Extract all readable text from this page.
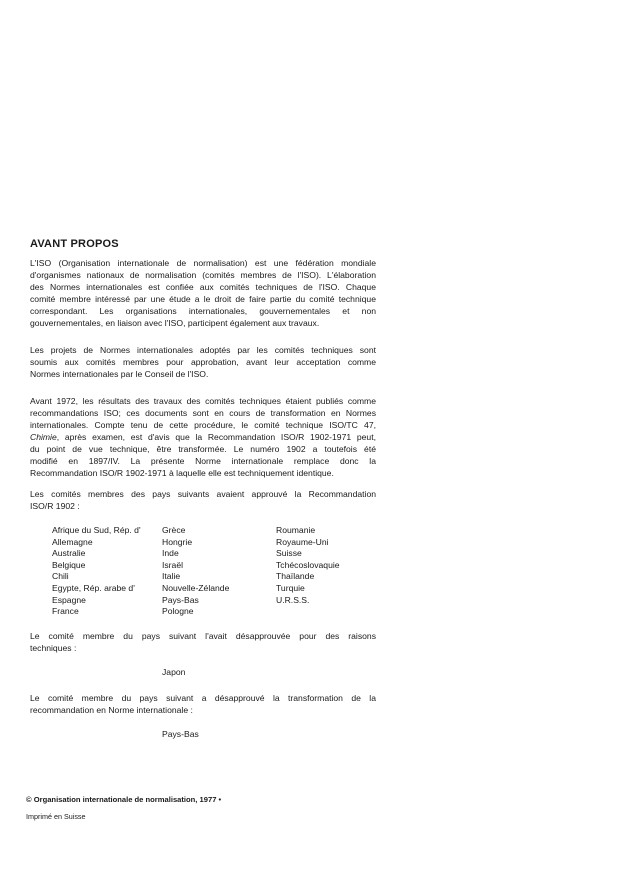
AVANT PROPOS

L'ISO (Organisation internationale de normalisation) est une fédération mondiale
d'organismes nationaux de normalisation (comités membres de l'ISO). L'élaboration
des Normes internationales est confiée aux comités techniques de l'ISO. Chaque
comité membre intéressé par une étude a le droit de faire partie du comité technique
correspondant. Les organisations internationales, gouvernementales et non
gouvernementales, en liaison avec l'ISO, participent également aux travaux.

Les projets de Normes internationales adoptés par les comités techniques sont
soumis aux comités membres pour approbation, avant leur acceptation comme
Normes internationales par le Conseil de l'ISO.

Avant 1972, les résultats des travaux des comités techniques étaient publiés comme
recommandations ISO; ces documents sont en cours de transformation en Normes
internationales. Compte tenu de cette procédure, le comité technique ISO/TC 47,
Chimie, après examen, est d'avis que la Recommandation ISO/R 1902-1971 peut,
du point de vue technique, être transformée. Le numéro 1902 a toutefois été
modifié en 1897/IV. La présente Norme internationale remplace donc la
Recommandation ISO/R 1902-1971 à laquelle elle est techniquement identique.

Les comités membres des pays suivants avaient approuvé la Recommandation
ISO/R 1902 :

Afrique du Sud, Rép. d'
Allemagne
Australie
Belgique
Chili
Egypte, Rép. arabe d'
Espagne
France
Grèce
Hongrie
Inde
Israël
Italie
Nouvelle-Zélande
Pays-Bas
Pologne
Roumanie
Royaume-Uni
Suisse
Tchécoslovaquie
Thaïlande
Turquie
U.R.S.S.

Le comité membre du pays suivant l'avait désapprouvée pour des raisons
techniques :

Japon

Le comité membre du pays suivant a désapprouvé la transformation de la
recommandation en Norme internationale :

Pays-Bas
© Organisation internationale de normalisation, 1977 •
Imprimé en Suisse
